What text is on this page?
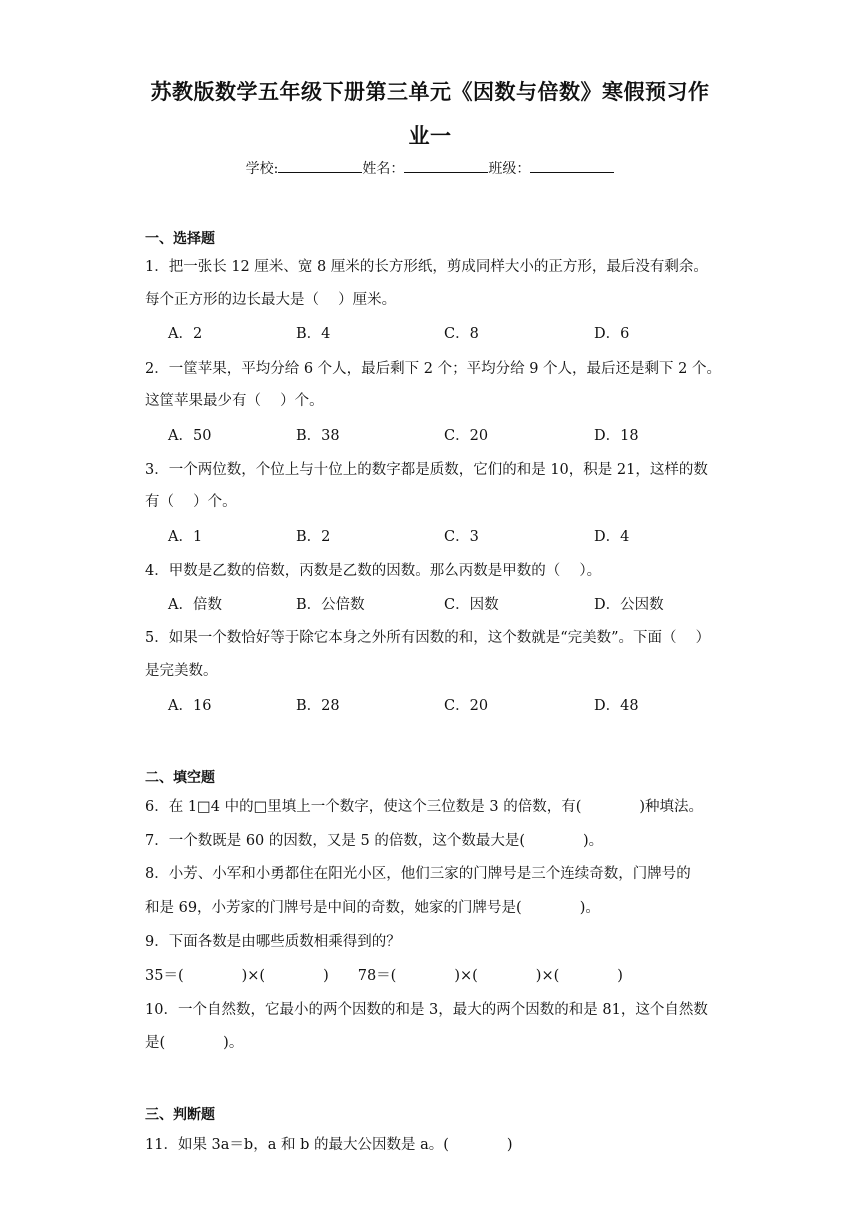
苏教版数学五年级下册第三单元《因数与倍数》寒假预习作
业一
学校:	姓名：	班级：
一、选择题
1．把一张长 12 厘米、宽 8 厘米的长方形纸，剪成同样大小的正方形，最后没有剩余。
每个正方形的边长最大是（　 ）厘米。
A．2	B．4	C．8	D．6
2．一筐苹果，平均分给 6 个人，最后剩下 2 个；平均分给 9 个人，最后还是剩下 2 个。
这筐苹果最少有（　 ）个。
A．50	B．38	C．20	D．18
3．一个两位数，个位上与十位上的数字都是质数，它们的和是 10，积是 21，这样的数
有（　 ）个。
A．1	B．2	C．3	D．4
4．甲数是乙数的倍数，丙数是乙数的因数。那么丙数是甲数的（　 ）。
A．倍数	B．公倍数	C．因数	D．公因数
5．如果一个数恰好等于除它本身之外所有因数的和，这个数就是“完美数”。下面（　 ）
是完美数。
A．16	B．28	C．20	D．48
二、填空题
6．在 1□4 中的□里填上一个数字，使这个三位数是 3 的倍数，有(　　　　)种填法。
7．一个数既是 60 的因数，又是 5 的倍数，这个数最大是(　　　　)。
8．小芳、小军和小勇都住在阳光小区，他们三家的门牌号是三个连续奇数，门牌号的
和是 69，小芳家的门牌号是中间的奇数，她家的门牌号是(　　　　)。
9．下面各数是由哪些质数相乘得到的？
35＝(　　　　)×(　　　　)　　78＝(　　　　)×(　　　　)×(　　　　)
10．一个自然数，它最小的两个因数的和是 3，最大的两个因数的和是 81，这个自然数
是(　　　　)。
三、判断题
11．如果 3a＝b，a 和 b 的最大公因数是 a。(　　　　)
